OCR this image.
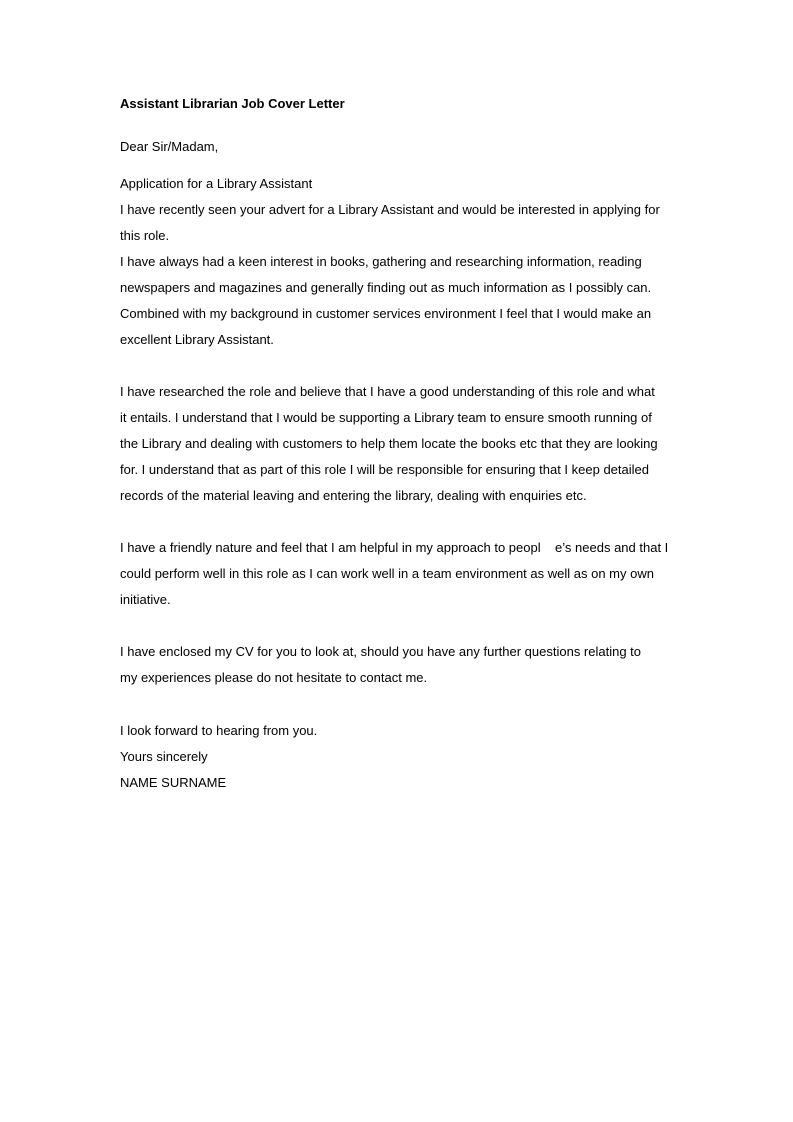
Assistant Librarian Job Cover Letter

Dear Sir/Madam,

Application for a Library Assistant

I have recently seen your advert for a Library Assistant and would be interested in applying for

this role.

I have always had a keen interest in books, gathering and researching information, reading

newspapers and magazines and generally finding out as much information as I possibly can.

Combined with my background in customer services environment I feel that I would make an

excellent Library Assistant.

I have researched the role and believe that I have a good understanding of this role and what

it entails. I understand that I would be supporting a Library team to ensure smooth running of

the Library and dealing with customers to help them locate the books etc that they are looking

for. I understand that as part of this role I will be responsible for ensuring that I keep detailed

records of the material leaving and entering the library, dealing with enquiries etc.

I have a friendly nature and feel that I am helpful in my approach to peopl    e’s needs and that I

could perform well in this role as I can work well in a team environment as well as on my own

initiative.

I have enclosed my CV for you to look at, should you have any further questions relating to

my experiences please do not hesitate to contact me.

I look forward to hearing from you.

Yours sincerely

NAME SURNAME
